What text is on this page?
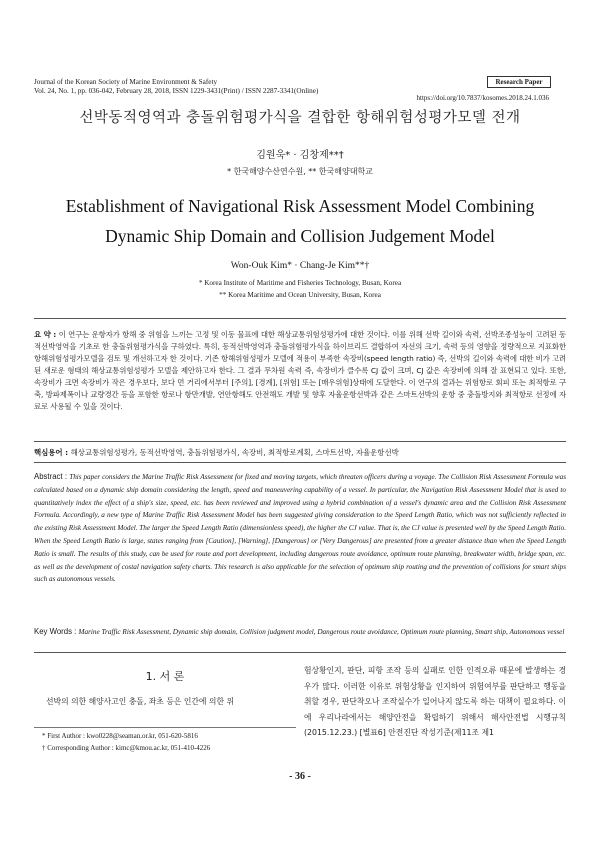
Journal of the Korean Society of Marine Environment & Safety
Vol. 24, No. 1, pp. 036-042, February 28, 2018, ISSN 1229-3431(Print) / ISSN 2287-3341(Online)
Research Paper
https://doi.org/10.7837/kosomes.2018.24.1.036
선박동적영역과 충돌위험평가식을 결합한 항해위험성평가모델 전개
김원욱* · 김창제**†
* 한국해양수산연수원, ** 한국해양대학교
Establishment of Navigational Risk Assessment Model Combining
Dynamic Ship Domain and Collision Judgement Model
Won-Ouk Kim* · Chang-Je Kim**†
* Korea Institute of Maritime and Fisheries Technology, Busan, Korea
** Korea Maritime and Ocean University, Busan, Korea
요 약 : 이 연구는 운항자가 항해 중 위험을 느끼는 고정 및 이동 물표에 대한 해상교통위험성평가에 대한 것이다. 이를 위해 선박 길이와 속력, 선박조종성능이 고려된 동적선박영역을 기초로 한 충돌위험평가식을 구하였다. 특히, 동적선박영역과 충돌위험평가식을 하이브리드 결합하여 자선의 크기, 속력 등의 영향을 정량적으로 지표화한 항해위험성평가모델을 검토 및 개선하고자 한 것이다. 기존 항해위험성평가 모델에 적용이 부족한 속장비(speed length ratio) 즉, 선박의 길이와 속력에 대한 비가 고려된 새로운 형태의 해상교통위험성평가 모델을 제안하고자 한다. 그 결과 무차원 속력 즉, 속장비가 클수록 CJ 값이 크며, CJ 값은 속장비에 의해 잘 표현되고 있다. 또한, 속장비가 크면 속장비가 작은 경우보다, 보다 먼 거리에서부터 [주의], [경계], [위험] 또는 [매우위험]상태에 도달한다. 이 연구의 결과는 위험항로 회피 또는 최적항로 구축, 방파제폭이나 교량경간 등을 포함한 항로나 항만개발, 연안항해도 안전해도 개발 및 향후 자율운항선박과 같은 스마트선박의 운항 중 충돌방지와 최적항로 선정에 자료로 사용될 수 있을 것이다.
핵심용어 : 해상교통위험성평가, 동적선박영역, 충돌위험평가식, 속장비, 최적항로계획, 스마트선박, 자율운항선박
Abstract : This paper considers the Marine Traffic Risk Assessment for fixed and moving targets, which threaten officers during a voyage. The Collision Risk Assessment Formula was calculated based on a dynamic ship domain considering the length, speed and maneuvering capability of a vessel. In particular, the Navigation Risk Assessment Model that is used to quantitatively index the effect of a ship's size, speed, etc. has been reviewed and improved using a hybrid combination of a vessel's dynamic area and the Collision Risk Assessment Formula. Accordingly, a new type of Marine Traffic Risk Assessment Model has been suggested giving consideration to the Speed Length Ratio, which was not sufficiently reflected in the existing Risk Assessment Model. The larger the Speed Length Ratio (dimensionless speed), the higher the CJ value. That is, the CJ value is presented well by the Speed Length Ratio. When the Speed Length Ratio is large, states ranging from [Caution], [Warning], [Dangerous] or [Very Dangerous] are presented from a greater distance than when the Speed Length Ratio is small. The results of this study, can be used for route and port development, including dangerous route avoidance, optimum route planning, breakwater width, bridge span, etc. as well as the development of costal navigation safety charts. This research is also applicable for the selection of optimum ship routing and the prevention of collisions for smart ships such as autonomous vessels.
Key Words : Marine Traffic Risk Assessment, Dynamic ship domain, Collision judgment model, Dangerous route avoidance, Optimum route planning, Smart ship, Autonomous vessel
1. 서 론
선박의 의한 해양사고인 충돌, 좌초 등은 인간에 의한 위
* First Author : kwo0228@seaman.or.kr, 051-620-5816
† Corresponding Author : kimc@kmou.ac.kr, 051-410-4226
험상황인지, 판단, 피항 조작 등의 실패로 인한 인적오류 때문에 발생하는 경우가 많다. 이러한 이유로 위험상황을 인지하여 위험여부를 판단하고 행동을 취할 경우, 판단착오나 조작실수가 일어나지 않도록 하는 대책이 필요하다. 이에 우리나라에서는 해양안전을 확립하기 위해서 해사안전법 시행규칙(2015.12.23.) [별표6] 안전진단 작성기준(제11조 제1
- 36 -
